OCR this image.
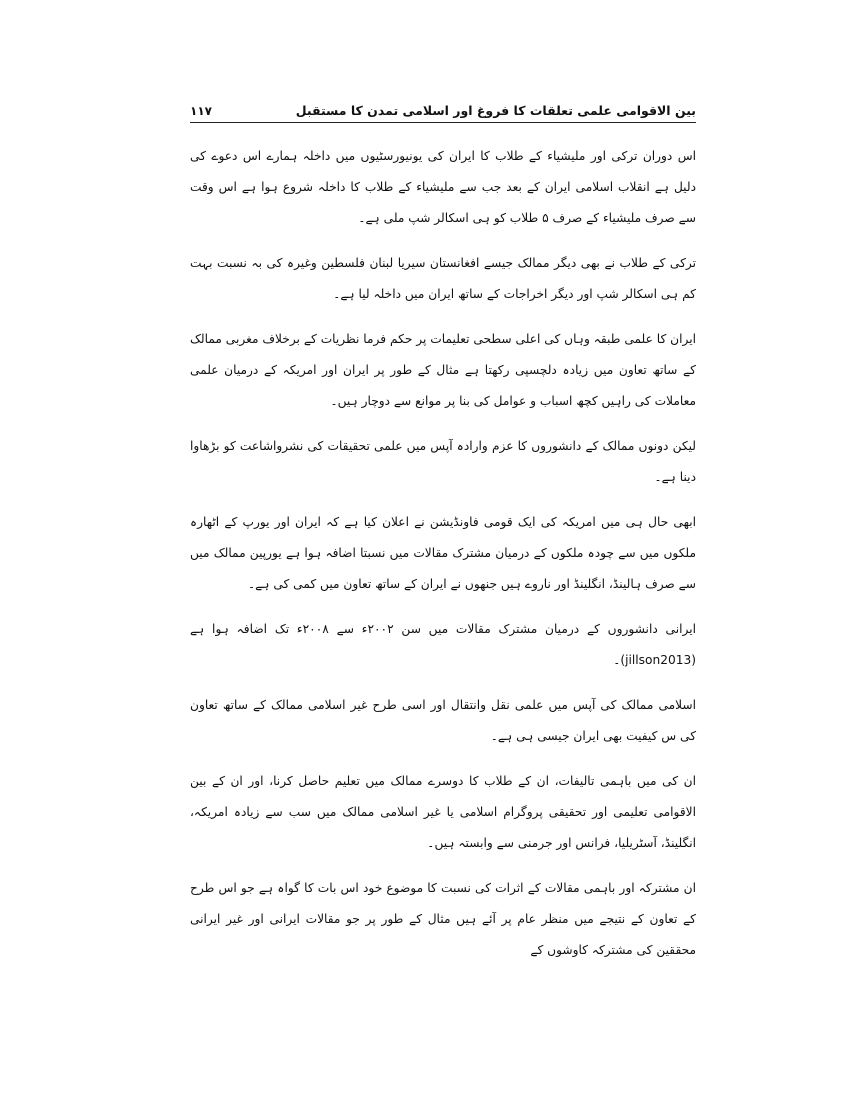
بین الاقوامی علمی تعلقات کا فروغ اور اسلامی تمدن کا مستقبل
۱۱۷

اس دوران ترکی اور ملیشیاء کے طلاب کا ایران کی یونیورسٹیوں میں داخلہ ہمارے اس دعوے کی دلیل ہے انقلاب اسلامی ایران کے بعد جب سے ملیشیاء کے طلاب کا داخلہ شروع ہوا ہے اس وقت سے صرف ملیشیاء کے صرف ۵ طلاب کو ہی اسکالر شپ ملی ہے۔

ترکی کے طلاب نے بھی دیگر ممالک جیسے افغانستان سیریا لبنان فلسطین وغیرہ کی بہ نسبت بہت کم ہی اسکالر شپ اور دیگر اخراجات کے ساتھ ایران میں داخلہ لیا ہے۔

ایران کا علمی طبقہ وہاں کی اعلی سطحی تعلیمات پر حکم فرما نظریات کے برخلاف مغربی ممالک کے ساتھ تعاون میں زیادہ دلچسپی رکھتا ہے مثال کے طور پر ایران اور امریکہ کے درمیان علمی معاملات کی راہیں کچھ اسباب و عوامل کی بنا پر موانع سے دوچار ہیں۔

لیکن دونوں ممالک کے دانشوروں کا عزم وارادہ آپس میں علمی تحقیقات کی نشرواشاعت کو بڑھاوا دینا ہے۔

ابھی حال ہی میں امریکہ کی ایک قومی فاونڈیشن نے اعلان کیا ہے کہ ایران اور یورپ کے اٹھارہ ملکوں میں سے چودہ ملکوں کے درمیان مشترک مقالات میں نسبتا اضافہ ہوا ہے یورپین ممالک میں سے صرف ہالینڈ، انگلینڈ اور ناروے ہیں جنھوں نے ایران کے ساتھ تعاون میں کمی کی ہے۔

ایرانی دانشوروں کے درمیان مشترک مقالات میں سن ۲۰۰۲ء سے ۲۰۰۸ء تک اضافہ ہوا ہے (jillson2013)۔

اسلامی ممالک کی آپس میں علمی نقل وانتقال اور اسی طرح غیر اسلامی ممالک کے ساتھ تعاون کی س کیفیت بھی ایران جیسی ہی ہے۔

ان کی میں باہمی تالیفات، ان کے طلاب کا دوسرے ممالک میں تعلیم حاصل کرنا، اور ان کے بین الاقوامی تعلیمی اور تحقیقی پروگرام اسلامی یا غیر اسلامی ممالک میں سب سے زیادہ امریکہ، انگلینڈ، آسٹریلیا، فرانس اور جرمنی سے وابستہ ہیں۔

ان مشترکہ اور باہمی مقالات کے اثرات کی نسبت کا موضوع خود اس بات کا گواہ ہے جو اس طرح کے تعاون کے نتیجے میں منظر عام پر آئے ہیں مثال کے طور پر جو مقالات ایرانی اور غیر ایرانی محققین کی مشترکہ کاوشوں کے
